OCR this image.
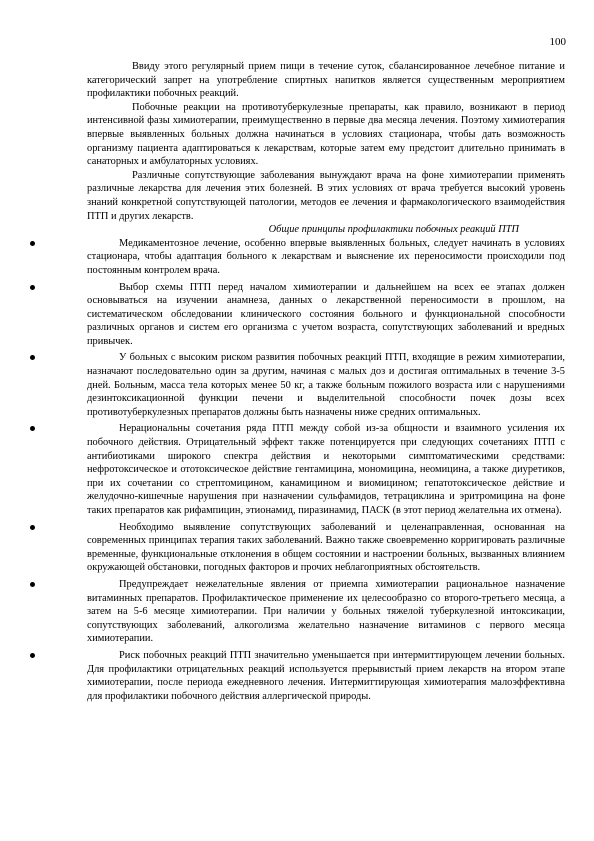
100

Ввиду этого регулярный прием пищи в течение суток, сбалансированное лечебное питание и категорический запрет на употребление спиртных напитков является существенным мероприятием профилактики побочных реакций.

Побочные реакции на противотуберкулезные препараты, как правило, возникают в период интенсивной фазы химиотерапии, преимущественно в первые два месяца лечения. Поэтому химиотерапия впервые выявленных больных должна начинаться в условиях стационара, чтобы дать возможность организму пациента адаптироваться к лекарствам, которые затем ему предстоит длительно принимать в санаторных и амбулаторных условиях.

Различные сопутствующие заболевания вынуждают врача на фоне химиотерапии применять различные лекарства для лечения этих болезней. В этих условиях от врача требуется высокий уровень знаний конкретной сопутствующей патологии, методов ее лечения и фармакологического взаимодействия ПТП и других лекарств.

Общие принципы профилактики побочных реакций ПТП

Медикаментозное лечение, особенно впервые выявленных больных, следует начинать в условиях стационара, чтобы адаптация больного к лекарствам и выяснение их переносимости происходили под постоянным контролем врача.

Выбор схемы ПТП перед началом химиотерапии и дальнейшем на всех ее этапах должен основываться на изучении анамнеза, данных о лекарственной переносимости в прошлом, на систематическом обследовании клинического состояния больного и функциональной способности различных органов и систем его организма с учетом возраста, сопутствующих заболеваний и вредных привычек.

У больных с высоким риском развития побочных реакций ПТП, входящие в режим химиотерапии, назначают последовательно один за другим, начиная с малых доз и достигая оптимальных в течение 3-5 дней. Больным, масса тела которых менее 50 кг, а также больным пожилого возраста или с нарушениями дезинтоксикационной функции печени и выделительной способности почек дозы всех противотуберкулезных препаратов должны быть назначены ниже средних оптимальных.

Нерациональны сочетания ряда ПТП между собой из-за общности и взаимного усиления их побочного действия. Отрицательный эффект также потенцируется при следующих сочетаниях ПТП с антибиотиками широкого спектра действия и некоторыми симптоматическими средствами: нефротоксическое и ототоксическое действие гентамицина, мономицина, неомицина, а также диуретиков, при их сочетании со стрептомицином, канамицином и виомицином; гепатотоксическое действие и желудочно-кишечные нарушения при назначении сульфамидов, тетрациклина и эритромицина на фоне таких препаратов как рифампицин, этионамид, пиразинамид, ПАСК (в этот период желательна их отмена).

Необходимо выявление сопутствующих заболеваний и целенаправленная, основанная на современных принципах терапия таких заболеваний. Важно также своевременно корригировать различные временные, функциональные отклонения в общем состоянии и настроении больных, вызванных влиянием окружающей обстановки, погодных факторов и прочих неблагоприятных обстоятельств.

Предупреждает нежелательные явления от приемпа химиотерапии рациональное назначение витаминных препаратов. Профилактическое применение их целесообразно со второго-третьего месяца, а затем на 5-6 месяце химиотерапии. При наличии у больных тяжелой туберкулезной интоксикации, сопутствующих заболеваний, алкоголизма желательно назначение витаминов с первого месяца химиотерапии.

Риск побочных реакций ПТП значительно уменьшается при интермиттирующем лечении больных. Для профилактики отрицательных реакций используется прерывистый прием лекарств на втором этапе химиотерапии, после периода ежедневного лечения. Интермиттирующая химиотерапия малоэффективна для профилактики побочного действия аллергической природы.
